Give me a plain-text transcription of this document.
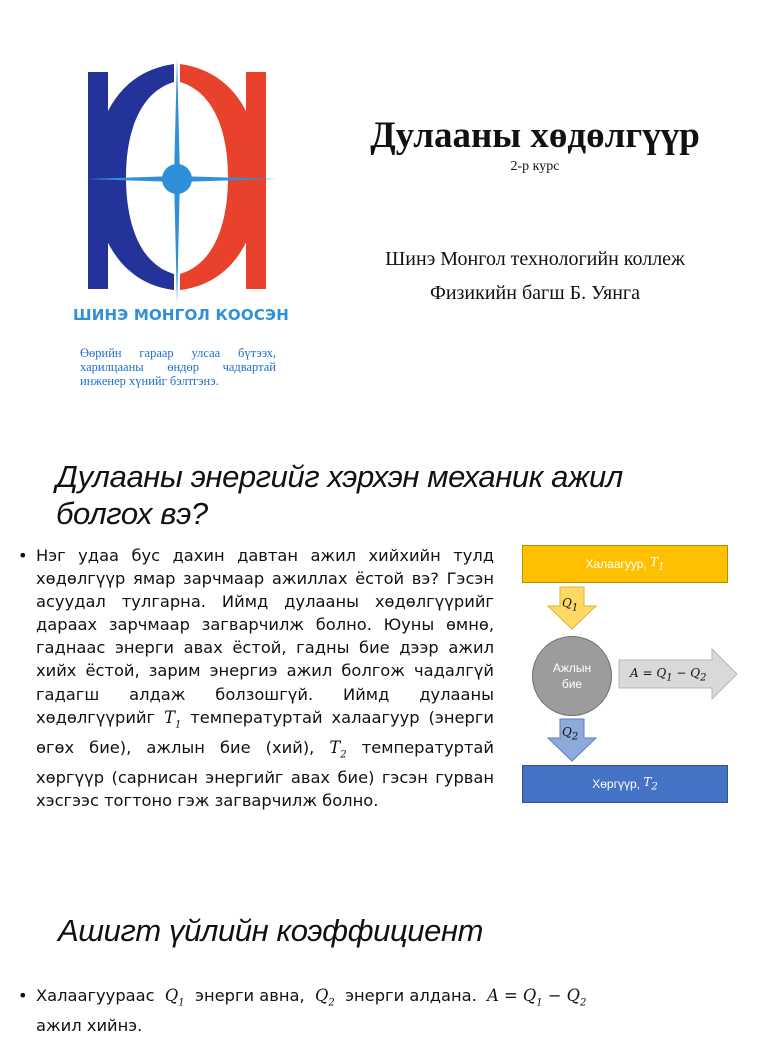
ШИНЭ МОНГОЛ КООСЭН
Өөрийн гараар улсаа бүтээх, харилцааны өндөр чадвартай инженер хүнийг бэлтгэнэ.
Дулааны хөдөлгүүр
2-р курс
Шинэ Монгол технологийн коллеж
Физикийн багш Б. Уянга
Дулааны энергийг хэрхэн механик ажил
болгох вэ?
• Нэг удаа бус дахин давтан ажил хийхийн тулд хөдөлгүүр ямар зарчмаар ажиллах ёстой вэ? Гэсэн асуудал тулгарна. Иймд дулааны хөдөлгүүрийг дараах зарчмаар загварчилж болно. Юуны өмнө, гаднаас энерги авах ёстой, гадны бие дээр ажил хийх ёстой, зарим энергиэ ажил болгож чадалгүй гадагш алдаж болзошгүй. Иймд дулааны хөдөлгүүрийг $T_1$ температуртай халаагуур (энерги өгөх бие), ажлын бие (хий), $T_2$ температуртай хөргүүр (сарнисан энергийг авах бие) гэсэн гурван хэсгээс тогтоно гэж загварчилж болно.
Халаагуур,
$T_1$
$Q_1$
Ажлын
бие
$A = Q_1 - Q_2$
$Q_2$
Хөргүүр,
$T_2$
Ашигт үйлийн коэффициент
• Халаагуураас $Q_1$ энерги авна, $Q_2$ энерги алдана. $A = Q_1 - Q_2$
ажил хийнэ.
